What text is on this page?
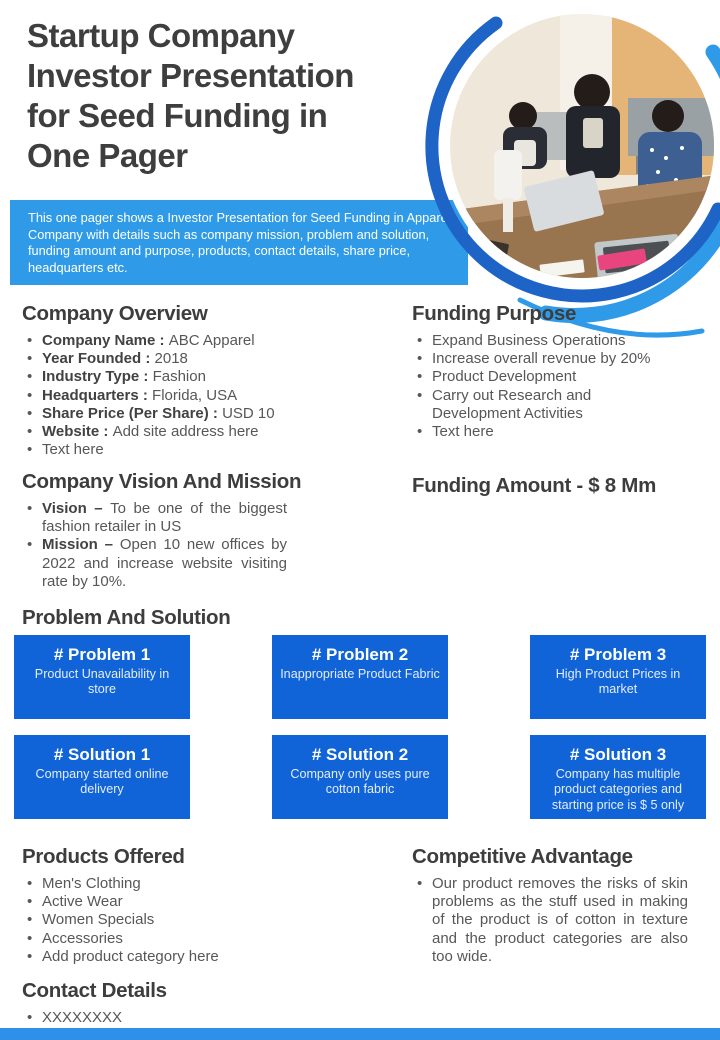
Startup Company
Investor Presentation
for Seed Funding in
One Pager

This one pager shows a Investor Presentation for Seed Funding in Apparel Company with details such as company mission, problem and solution, funding amount and purpose, products, contact details, share price, headquarters etc.

Company Overview
• Company Name : ABC Apparel
• Year Founded : 2018
• Industry Type : Fashion
• Headquarters : Florida, USA
• Share Price (Per Share) : USD 10
• Website : Add site address here
• Text here
Funding Purpose
• Expand Business Operations
• Increase overall revenue by 20%
• Product Development
• Carry out Research and Development Activities
• Text here
Company Vision And Mission
• Vision – To be one of the biggest fashion retailer in US
• Mission – Open 10 new offices by 2022 and increase website visiting rate by 10%.
Funding Amount - $ 8 Mm
Problem And Solution
# Problem 1

Product Unavailability in store

# Problem 2

Inappropriate Product Fabric

# Problem 3

High Product Prices in market

# Solution 1

Company started online delivery

# Solution 2

Company only uses pure cotton fabric

# Solution 3

Company has multiple product categories and starting price is $ 5 only

Products Offered
• Men's Clothing
• Active Wear
• Women Specials
• Accessories
• Add product category here
Competitive Advantage
• Our product removes the risks of skin problems as the stuff used in making of the product is of cotton in texture and the product categories are also too wide.
Contact Details
• XXXXXXXX
